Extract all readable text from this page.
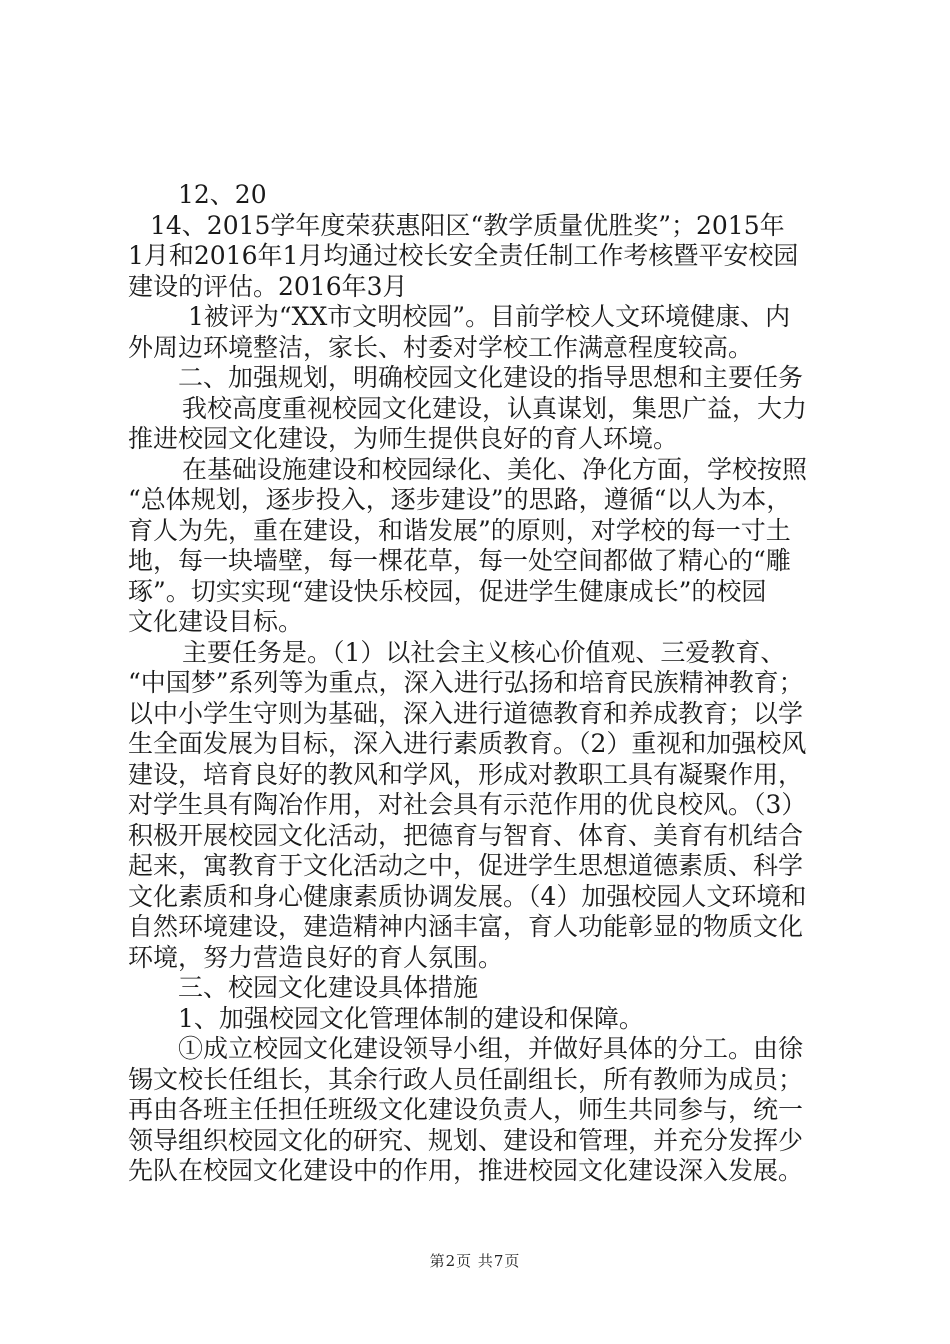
12、20
14、2015学年度荣获惠阳区“教学质量优胜奖”；2015年
1月和2016年1月均通过校长安全责任制工作考核暨平安校园
建设的评估。2016年3月
1被评为“XX市文明校园”。目前学校人文环境健康、内
外周边环境整洁，家长、村委对学校工作满意程度较高。
二、加强规划，明确校园文化建设的指导思想和主要任务
我校高度重视校园文化建设，认真谋划，集思广益，大力
推进校园文化建设，为师生提供良好的育人环境。
在基础设施建设和校园绿化、美化、净化方面，学校按照
“总体规划，逐步投入，逐步建设”的思路，遵循“以人为本，
育人为先，重在建设，和谐发展”的原则，对学校的每一寸土
地，每一块墙壁，每一棵花草，每一处空间都做了精心的“雕
琢”。切实实现“建设快乐校园，促进学生健康成长”的校园
文化建设目标。
主要任务是。（1）以社会主义核心价值观、三爱教育、
“中国梦”系列等为重点，深入进行弘扬和培育民族精神教育；
以中小学生守则为基础，深入进行道德教育和养成教育；以学
生全面发展为目标，深入进行素质教育。（2）重视和加强校风
建设，培育良好的教风和学风，形成对教职工具有凝聚作用，
对学生具有陶冶作用，对社会具有示范作用的优良校风。（3）
积极开展校园文化活动，把德育与智育、体育、美育有机结合
起来，寓教育于文化活动之中，促进学生思想道德素质、科学
文化素质和身心健康素质协调发展。（4）加强校园人文环境和
自然环境建设，建造精神内涵丰富，育人功能彰显的物质文化
环境，努力营造良好的育人氛围。
三、校园文化建设具体措施
1、加强校园文化管理体制的建设和保障。
①成立校园文化建设领导小组，并做好具体的分工。由徐
锡文校长任组长，其余行政人员任副组长，所有教师为成员；
再由各班主任担任班级文化建设负责人，师生共同参与，统一
领导组织校园文化的研究、规划、建设和管理，并充分发挥少
先队在校园文化建设中的作用，推进校园文化建设深入发展。
第2页 共7页
